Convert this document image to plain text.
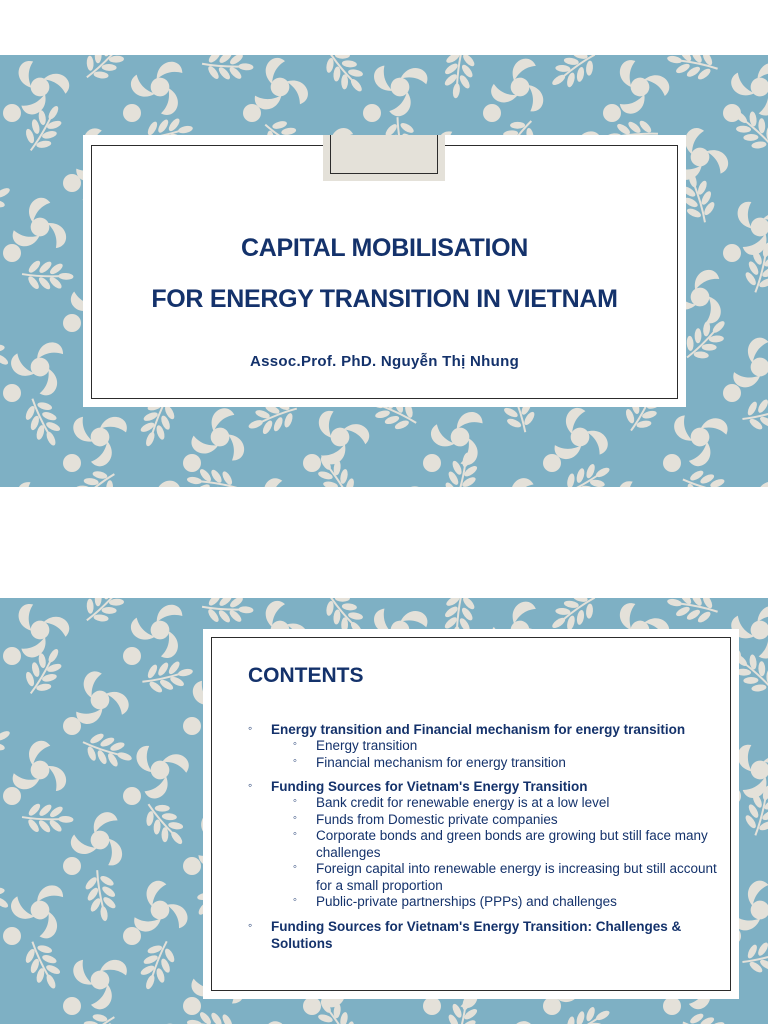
CAPITAL MOBILISATION
FOR ENERGY TRANSITION IN VIETNAM
Assoc.Prof. PhD. Nguyễn Thị Nhung
CONTENTS
◦ Energy transition and Financial mechanism for energy transition
◦ Energy transition
◦ Financial mechanism for energy transition
◦ Funding Sources for Vietnam's Energy Transition
◦ Bank credit for renewable energy is at a low level
◦ Funds from Domestic private companies
◦ Corporate bonds and green bonds are growing but still face many challenges
◦ Foreign capital into renewable energy is increasing but still account for a small proportion
◦ Public-private partnerships (PPPs) and challenges
◦ Funding Sources for Vietnam's Energy Transition: Challenges & Solutions
